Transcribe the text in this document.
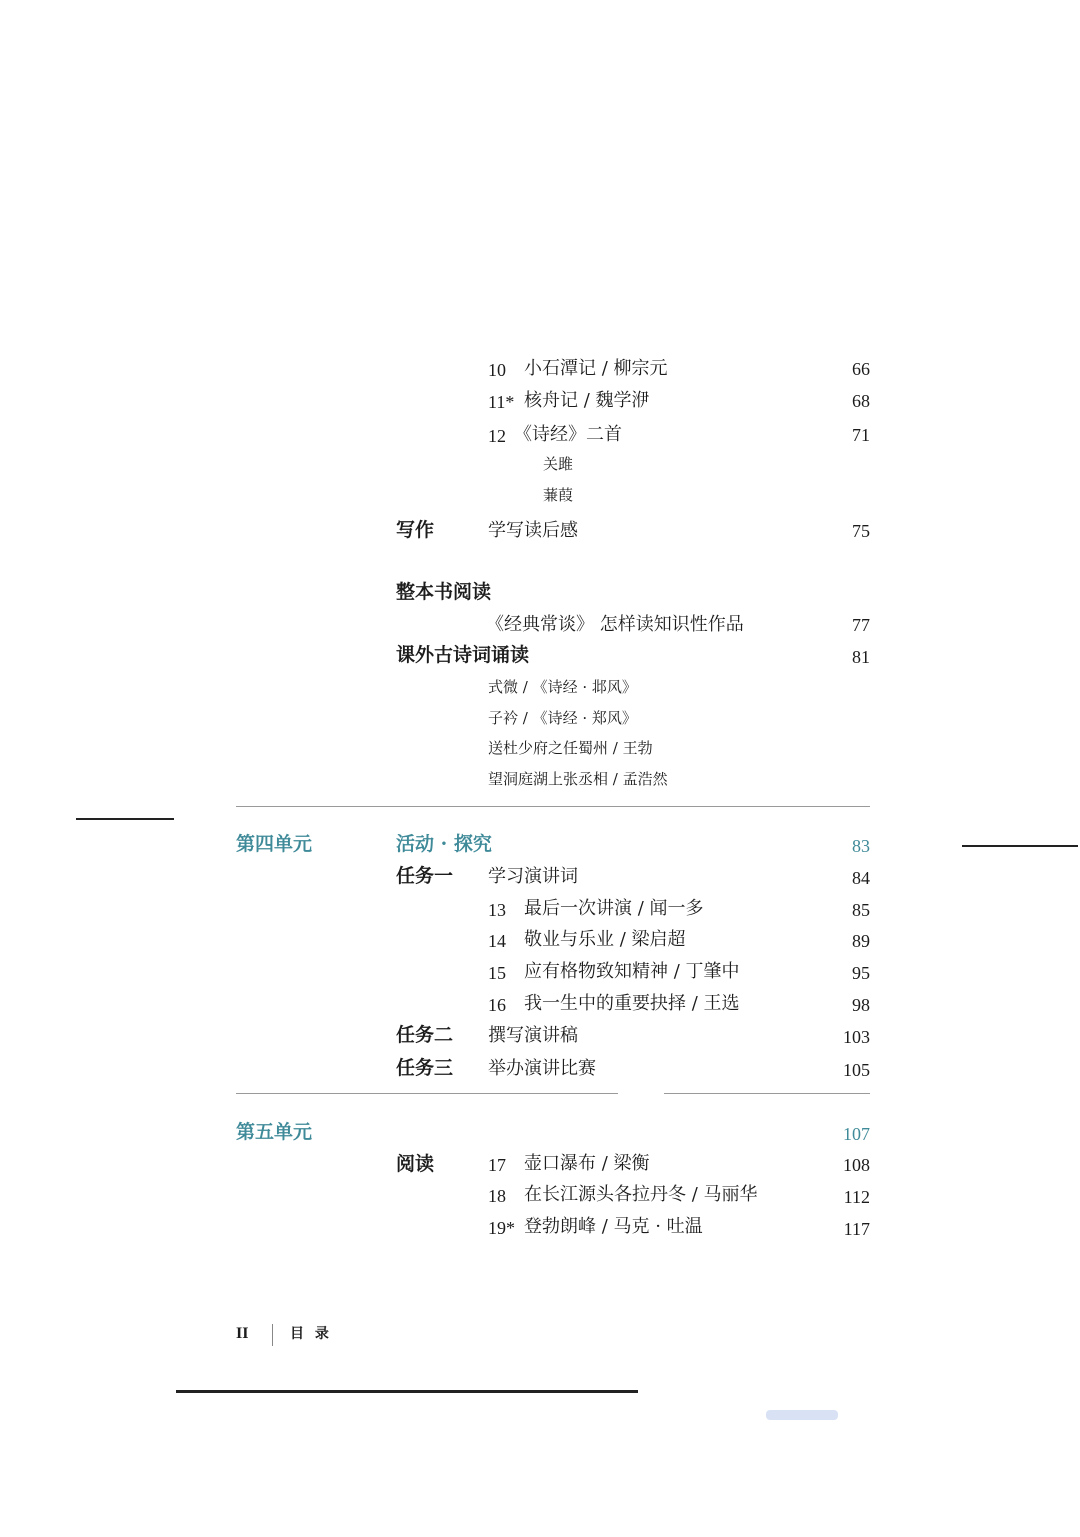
10 小石潭记 / 柳宗元	66
11* 核舟记 / 魏学洢	68
12 《诗经》二首	71
关雎
蒹葭
写作	学写读后感	75
整本书阅读
《经典常谈》 怎样读知识性作品	77
课外古诗词诵读	81
式微 / 《诗经 · 邶风》
子衿 / 《诗经 · 郑风》
送杜少府之任蜀州 / 王勃
望洞庭湖上张丞相 / 孟浩然
第四单元	活动 · 探究	83
任务一 学习演讲词	84
13 最后一次讲演 / 闻一多	85
14 敬业与乐业 / 梁启超	89
15 应有格物致知精神 / 丁肇中	95
16 我一生中的重要抉择 / 王选	98
任务二 撰写演讲稿	103
任务三 举办演讲比赛	105
第五单元	107
阅读	17 壶口瀑布 / 梁衡	108
18 在长江源头各拉丹冬 / 马丽华	112
19* 登勃朗峰 / 马克 · 吐温	117
II	目 录
